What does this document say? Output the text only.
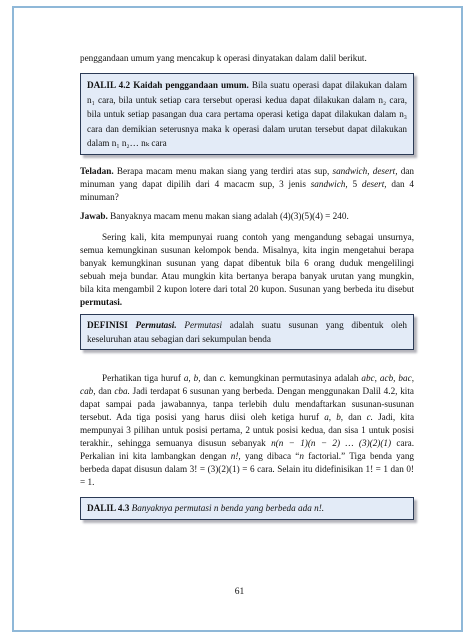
penggandaan umum yang mencakup k operasi dinyatakan dalam dalil berikut.

DALIL 4.2 Kaidah penggandaan umum. Bila suatu operasi dapat dilakukan dalam n₁ cara, bila untuk setiap cara tersebut operasi kedua dapat dilakukan dalam n₂ cara, bila untuk setiap pasangan dua cara pertama operasi ketiga dapat dilakukan dalam n₃ cara dan demikian seterusnya maka k operasi dalam urutan tersebut dapat dilakukan dalam n₁ n₂… nₖ cara

Teladan. Berapa macam menu makan siang yang terdiri atas sup, sandwich, desert, dan minuman yang dapat dipilih dari 4 macacm sup, 3 jenis sandwich, 5 desert, dan 4 minuman?

Jawab. Banyaknya macam menu makan siang adalah (4)(3)(5)(4) = 240.

Sering kali, kita mempunyai ruang contoh yang mengandung sebagai unsurnya, semua kemungkinan susunan kelompok benda. Misalnya, kita ingin mengetahui berapa banyak kemungkinan susunan yang dapat dibentuk bila 6 orang duduk mengelilingi sebuah meja bundar. Atau mungkin kita bertanya berapa banyak urutan yang mungkin, bila kita mengambil 2 kupon lotere dari total 20 kupon. Susunan yang berbeda itu disebut permutasi.

DEFINISI Permutasi. Permutasi adalah suatu susunan yang dibentuk oleh keseluruhan atau sebagian dari sekumpulan benda

Perhatikan tiga huruf a, b, dan c. kemungkinan permutasinya adalah abc, acb, bac, cab, dan cba. Jadi terdapat 6 susunan yang berbeda. Dengan menggunakan Dalil 4.2, kita dapat sampai pada jawabannya, tanpa terlebih dulu mendaftarkan susunan-susunan tersebut. Ada tiga posisi yang harus diisi oleh ketiga huruf a, b, dan c. Jadi, kita mempunyai 3 pilihan untuk posisi pertama, 2 untuk posisi kedua, dan sisa 1 untuk posisi terakhir., sehingga semuanya disusun sebanyak n(n − 1)(n − 2) … (3)(2)(1) cara. Perkalian ini kita lambangkan dengan n!, yang dibaca “n factorial.” Tiga benda yang berbeda dapat disusun dalam 3! = (3)(2)(1) = 6 cara. Selain itu didefinisikan 1! = 1 dan 0! = 1.

DALIL 4.3 Banyaknya permutasi n benda yang berbeda ada n!.
61
